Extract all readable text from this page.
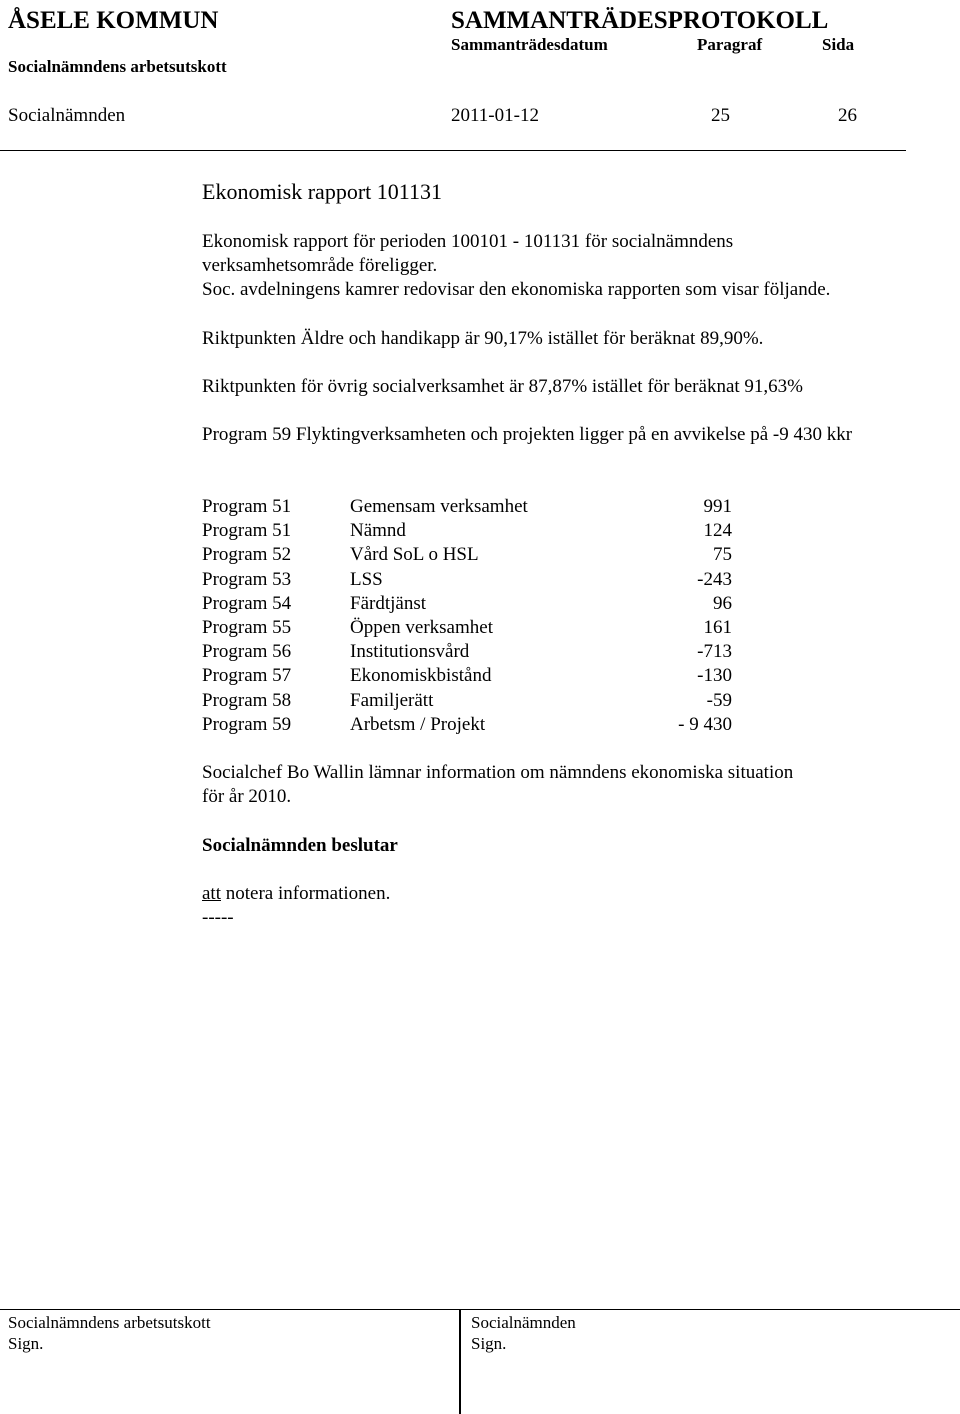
ÅSELE KOMMUN	SAMMANTRÄDESPROTOKOLL
Sammanträdesdatum	Paragraf	Sida
Socialnämndens arbetsutskott
Socialnämnden	2011-01-12	25	26
Ekonomisk rapport 101131
Ekonomisk rapport för perioden 100101 - 101131 för socialnämndens
verksamhetsområde föreligger.
Soc. avdelningens kamrer redovisar den ekonomiska rapporten som visar följande.
Riktpunkten Äldre och handikapp är 90,17% istället för beräknat 89,90%.
Riktpunkten för övrig socialverksamhet är 87,87% istället för beräknat 91,63%
Program 59 Flyktingverksamheten och projekten ligger på en avvikelse på -9 430 kkr
Program 51	Gemensam verksamhet	991
Program 51	Nämnd	124
Program 52	Vård SoL o HSL	75
Program 53	LSS	-243
Program 54	Färdtjänst	96
Program 55	Öppen verksamhet	161
Program 56	Institutionsvård	-713
Program 57	Ekonomiskbistånd	-130
Program 58	Familjerätt	-59
Program 59	Arbetsm / Projekt	- 9 430
Socialchef Bo Wallin lämnar information om nämndens ekonomiska situation
för år 2010.
Socialnämnden beslutar
att notera informationen.
-----
Socialnämndens arbetsutskott
Sign.
Socialnämnden
Sign.
